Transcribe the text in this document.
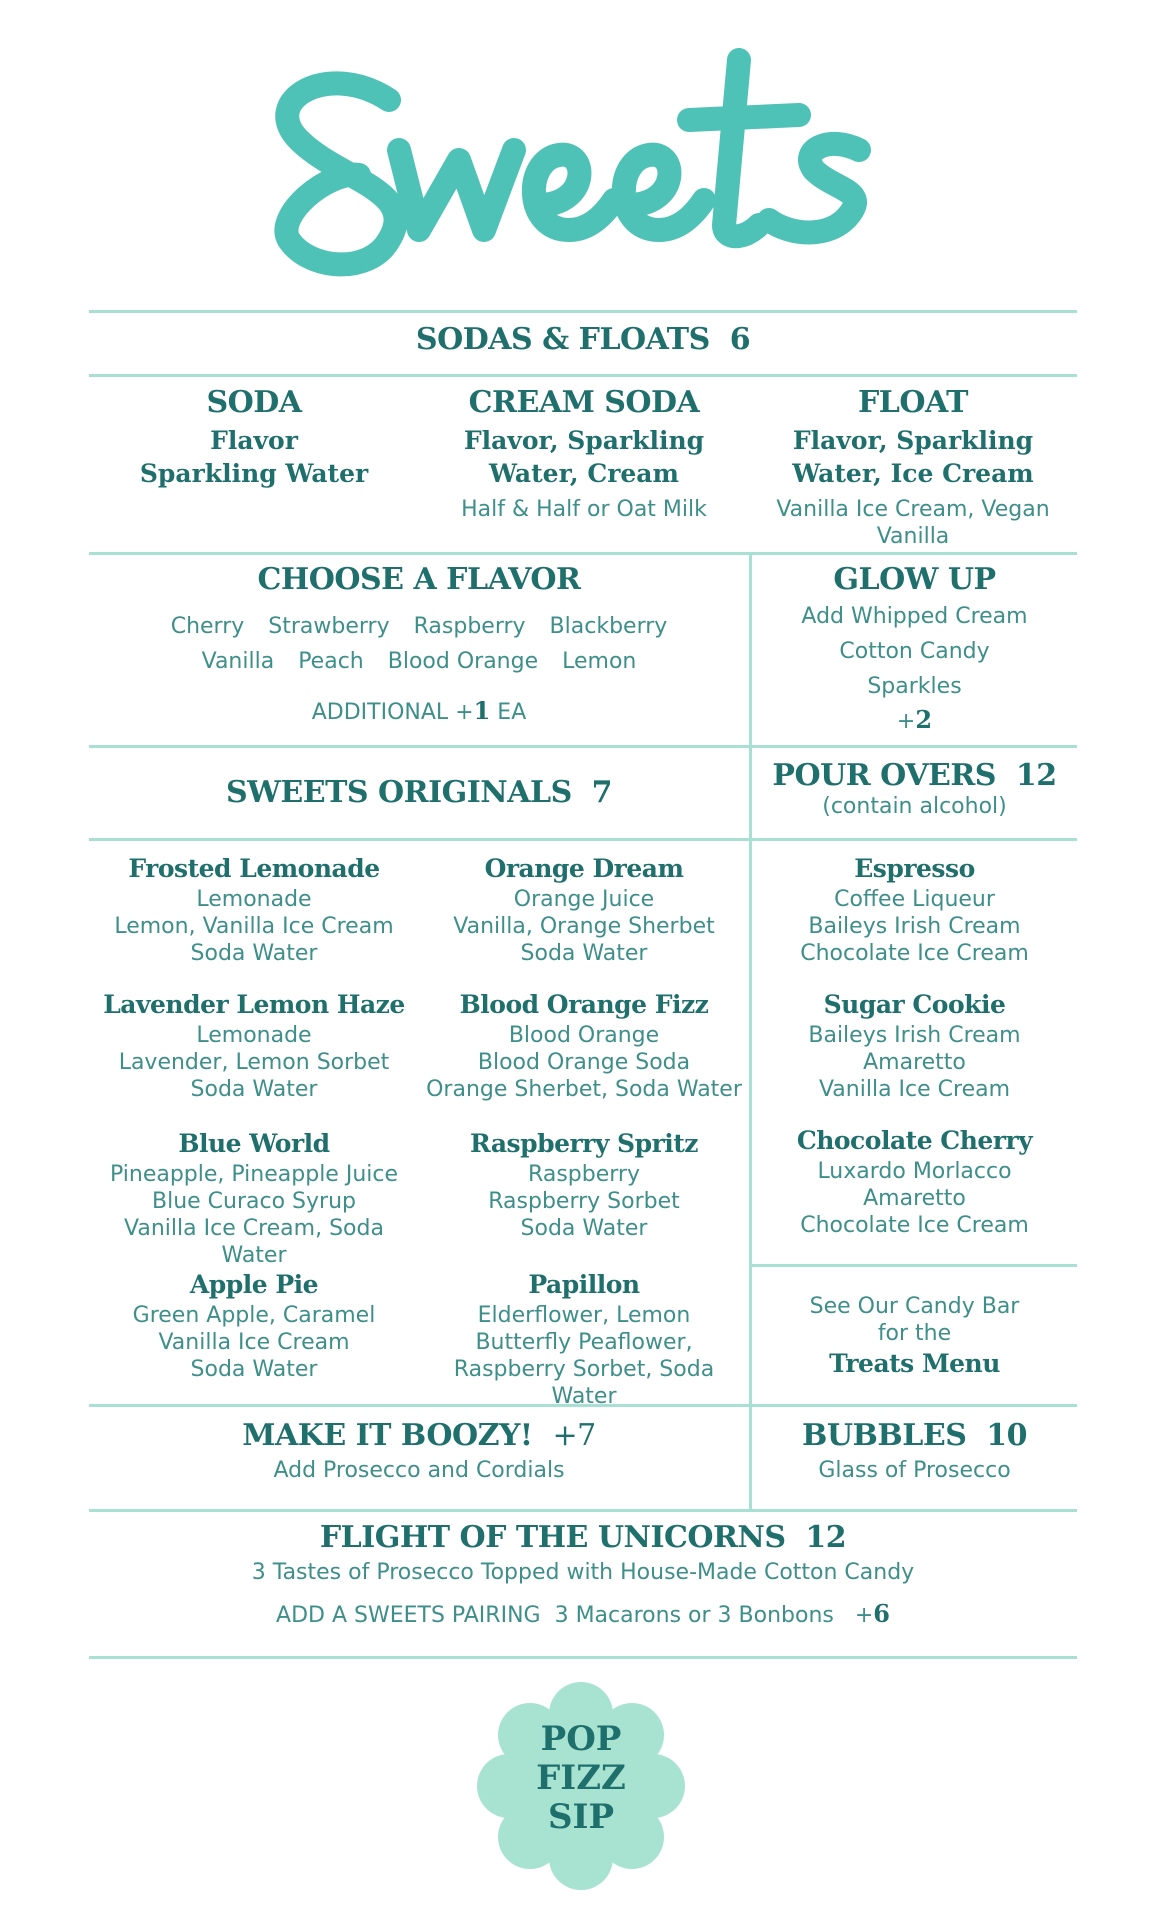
SODAS & FLOATS 6
SODA
Flavor
Sparkling Water
CREAM SODA
Flavor, Sparkling
Water, Cream
Half & Half or Oat Milk
FLOAT
Flavor, Sparkling
Water, Ice Cream
Vanilla Ice Cream, Vegan Vanilla
CHOOSE A FLAVOR
Cherry Strawberry Raspberry Blackberry
Vanilla Peach Blood Orange Lemon
ADDITIONAL +1 EA
GLOW UP
Add Whipped Cream
Cotton Candy
Sparkles
+2
SWEETS ORIGINALS 7	POUR OVERS 12
(contain alcohol)
Frosted Lemonade
Lemonade
Lemon, Vanilla Ice Cream
Soda Water
Orange Dream
Orange Juice
Vanilla, Orange Sherbet
Soda Water
Lavender Lemon Haze
Lemonade
Lavender, Lemon Sorbet
Soda Water
Blood Orange Fizz
Blood Orange
Blood Orange Soda
Orange Sherbet, Soda Water
Blue World
Pineapple, Pineapple Juice
Blue Curaco Syrup
Vanilla Ice Cream, Soda Water
Raspberry Spritz
Raspberry
Raspberry Sorbet
Soda Water
Apple Pie
Green Apple, Caramel
Vanilla Ice Cream
Soda Water
Papillon
Elderflower, Lemon
Butterfly Peaflower,
Raspberry Sorbet, Soda Water
Espresso
Coffee Liqueur
Baileys Irish Cream
Chocolate Ice Cream
Sugar Cookie
Baileys Irish Cream
Amaretto
Vanilla Ice Cream
Chocolate Cherry
Luxardo Morlacco
Amaretto
Chocolate Ice Cream
See Our Candy Bar
for the
Treats Menu
MAKE IT BOOZY! +7
Add Prosecco and Cordials
BUBBLES 10
Glass of Prosecco
FLIGHT OF THE UNICORNS 12
3 Tastes of Prosecco Topped with House-Made Cotton Candy
ADD A SWEETS PAIRING 3 Macarons or 3 Bonbons +6
POP
FIZZ
SIP
